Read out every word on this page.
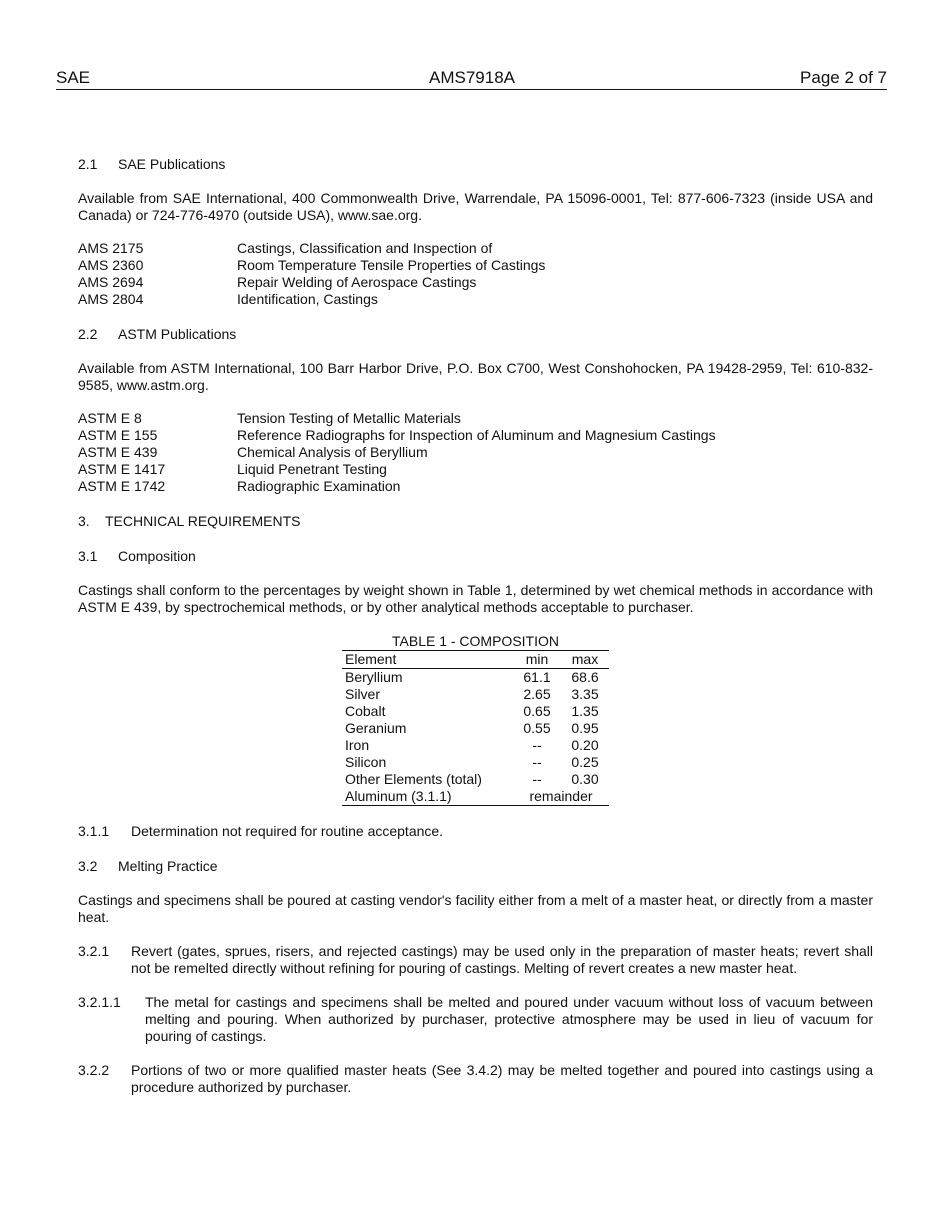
SAE	AMS7918A	Page 2 of 7
2.1 SAE Publications

Available from SAE International, 400 Commonwealth Drive, Warrendale, PA 15096-0001, Tel: 877-606-7323 (inside USA and Canada) or 724-776-4970 (outside USA), www.sae.org.

AMS 2175	Castings, Classification and Inspection of
AMS 2360	Room Temperature Tensile Properties of Castings
AMS 2694	Repair Welding of Aerospace Castings
AMS 2804	Identification, Castings
2.2 ASTM Publications

Available from ASTM International, 100 Barr Harbor Drive, P.O. Box C700, West Conshohocken, PA 19428-2959, Tel: 610-832-9585, www.astm.org.

ASTM E 8	Tension Testing of Metallic Materials
ASTM E 155	Reference Radiographs for Inspection of Aluminum and Magnesium Castings
ASTM E 439	Chemical Analysis of Beryllium
ASTM E 1417	Liquid Penetrant Testing
ASTM E 1742	Radiographic Examination
3. TECHNICAL REQUIREMENTS
3.1 Composition

Castings shall conform to the percentages by weight shown in Table 1, determined by wet chemical methods in accordance with ASTM E 439, by spectrochemical methods, or by other analytical methods acceptable to purchaser.

TABLE 1 - COMPOSITION
Element	min	max
Beryllium	61.1	68.6
Silver	2.65	3.35
Cobalt	0.65	1.35
Geranium	0.55	0.95
Iron	--	0.20
Silicon	--	0.25
Other Elements (total)	--	0.30
Aluminum (3.1.1)	remainder	
3.1.1 Determination not required for routine acceptance.
3.2 Melting Practice

Castings and specimens shall be poured at casting vendor's facility either from a melt of a master heat, or directly from a master heat.

3.2.1 Revert (gates, sprues, risers, and rejected castings) may be used only in the preparation of master heats; revert shall not be remelted directly without refining for pouring of castings. Melting of revert creates a new master heat.
3.2.1.1 The metal for castings and specimens shall be melted and poured under vacuum without loss of vacuum between melting and pouring. When authorized by purchaser, protective atmosphere may be used in lieu of vacuum for pouring of castings.
3.2.2 Portions of two or more qualified master heats (See 3.4.2) may be melted together and poured into castings using a procedure authorized by purchaser.
